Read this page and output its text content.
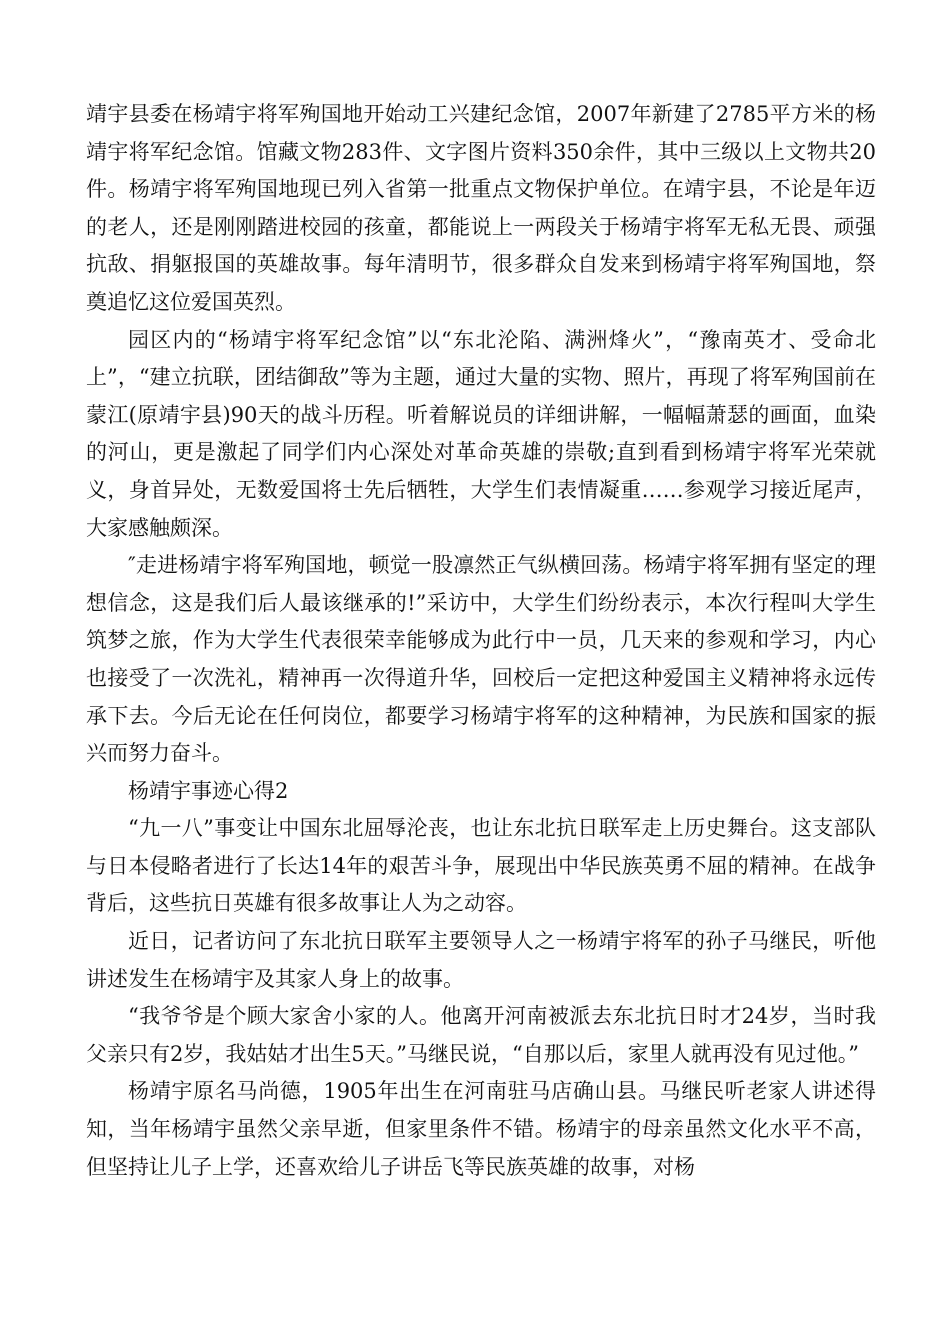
靖宇县委在杨靖宇将军殉国地开始动工兴建纪念馆，2007年新建了2785平方米的杨靖宇将军纪念馆。馆藏文物283件、文字图片资料350余件，其中三级以上文物共20件。杨靖宇将军殉国地现已列入省第一批重点文物保护单位。在靖宇县，不论是年迈的老人，还是刚刚踏进校园的孩童，都能说上一两段关于杨靖宇将军无私无畏、顽强抗敌、捐躯报国的英雄故事。每年清明节，很多群众自发来到杨靖宇将军殉国地，祭奠追忆这位爱国英烈。

园区内的“杨靖宇将军纪念馆”以“东北沦陷、满洲烽火”，“豫南英才、受命北上”，“建立抗联，团结御敌”等为主题，通过大量的实物、照片，再现了将军殉国前在蒙江(原靖宇县)90天的战斗历程。听着解说员的详细讲解，一幅幅萧瑟的画面，血染的河山，更是激起了同学们内心深处对革命英雄的崇敬;直到看到杨靖宇将军光荣就义，身首异处，无数爱国将士先后牺牲，大学生们表情凝重……参观学习接近尾声，大家感触颇深。

″走进杨靖宇将军殉国地，顿觉一股凛然正气纵横回荡。杨靖宇将军拥有坚定的理想信念，这是我们后人最该继承的!”采访中，大学生们纷纷表示，本次行程叫大学生筑梦之旅，作为大学生代表很荣幸能够成为此行中一员，几天来的参观和学习，内心也接受了一次洗礼，精神再一次得道升华，回校后一定把这种爱国主义精神将永远传承下去。今后无论在任何岗位，都要学习杨靖宇将军的这种精神，为民族和国家的振兴而努力奋斗。

杨靖宇事迹心得2

“九一八”事变让中国东北屈辱沦丧，也让东北抗日联军走上历史舞台。这支部队与日本侵略者进行了长达14年的艰苦斗争，展现出中华民族英勇不屈的精神。在战争背后，这些抗日英雄有很多故事让人为之动容。

近日，记者访问了东北抗日联军主要领导人之一杨靖宇将军的孙子马继民，听他讲述发生在杨靖宇及其家人身上的故事。

“我爷爷是个顾大家舍小家的人。他离开河南被派去东北抗日时才24岁，当时我父亲只有2岁，我姑姑才出生5天。”马继民说，“自那以后，家里人就再没有见过他。”

杨靖宇原名马尚德，1905年出生在河南驻马店确山县。马继民听老家人讲述得知，当年杨靖宇虽然父亲早逝，但家里条件不错。杨靖宇的母亲虽然文化水平不高，但坚持让儿子上学，还喜欢给儿子讲岳飞等民族英雄的故事，对杨
